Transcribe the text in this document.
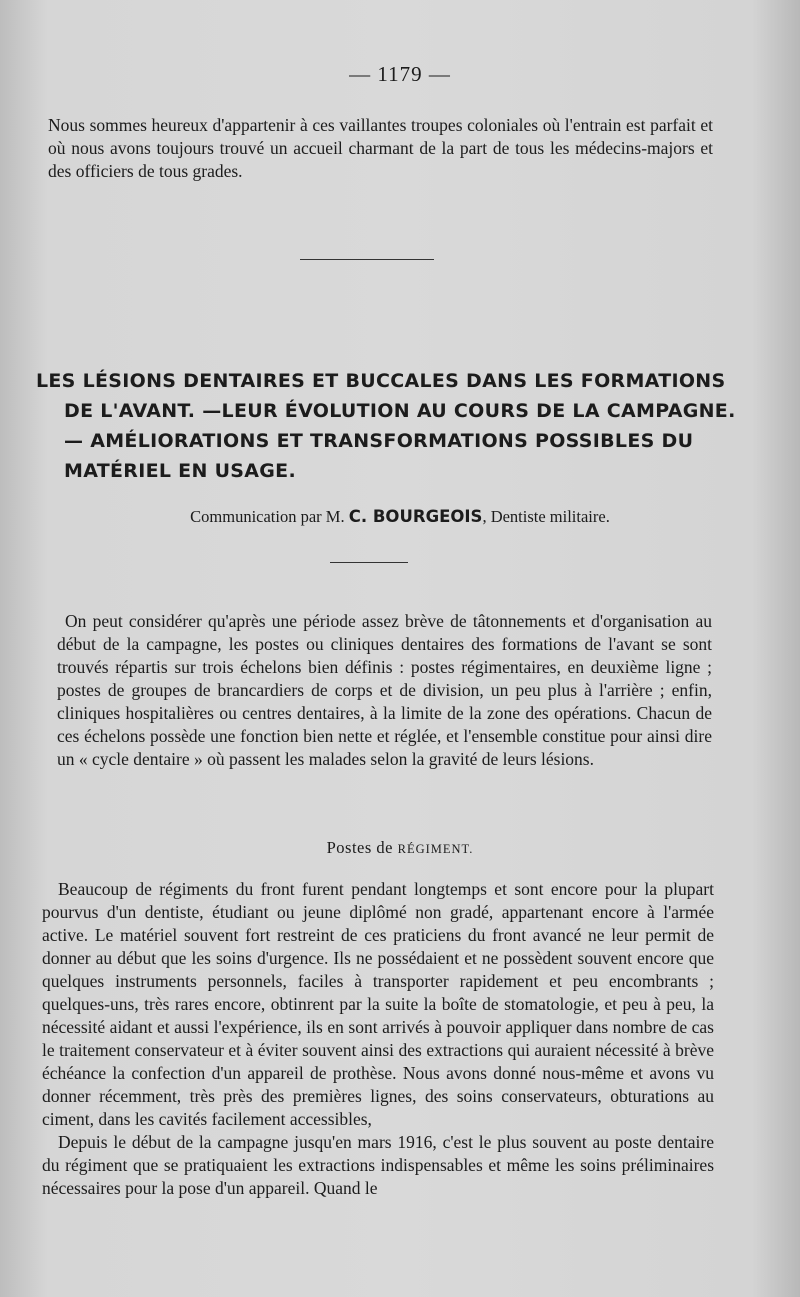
— 1179 —

Nous sommes heureux d'appartenir à ces vaillantes troupes coloniales où l'entrain est parfait et où nous avons toujours trouvé un accueil charmant de la part de tous les médecins-majors et des officiers de tous grades.

LES LÉSIONS DENTAIRES ET BUCCALES DANS LES FORMATIONS
DE L'AVANT. —LEUR ÉVOLUTION AU COURS DE LA CAMPAGNE.
— AMÉLIORATIONS ET TRANSFORMATIONS POSSIBLES DU
MATÉRIEL EN USAGE.
Communication par M. C. BOURGEOIS, Dentiste militaire.

On peut considérer qu'après une période assez brève de tâtonnements et d'organisation au début de la campagne, les postes ou cliniques dentaires des formations de l'avant se sont trouvés répartis sur trois échelons bien définis : postes régimentaires, en deuxième ligne ; postes de groupes de brancardiers de corps et de division, un peu plus à l'arrière ; enfin, cliniques hospitalières ou centres dentaires, à la limite de la zone des opérations. Chacun de ces échelons possède une fonction bien nette et réglée, et l'ensemble constitue pour ainsi dire un « cycle dentaire » où passent les malades selon la gravité de leurs lésions.

Postes de RÉGIMENT.

Beaucoup de régiments du front furent pendant longtemps et sont encore pour la plupart pourvus d'un dentiste, étudiant ou jeune diplômé non gradé, appartenant encore à l'armée active. Le matériel souvent fort restreint de ces praticiens du front avancé ne leur permit de donner au début que les soins d'urgence. Ils ne possédaient et ne possèdent souvent encore que quelques instruments personnels, faciles à transporter rapidement et peu encombrants ; quelques-uns, très rares encore, obtinrent par la suite la boîte de stomatologie, et peu à peu, la nécessité aidant et aussi l'expérience, ils en sont arrivés à pouvoir appliquer dans nombre de cas le traitement conservateur et à éviter souvent ainsi des extractions qui auraient nécessité à brève échéance la confection d'un appareil de prothèse. Nous avons donné nous-même et avons vu donner récemment, très près des premières lignes, des soins conservateurs, obturations au ciment, dans les cavités facilement accessibles,

Depuis le début de la campagne jusqu'en mars 1916, c'est le plus souvent au poste dentaire du régiment que se pratiquaient les extractions indispensables et même les soins préliminaires nécessaires pour la pose d'un appareil. Quand le
